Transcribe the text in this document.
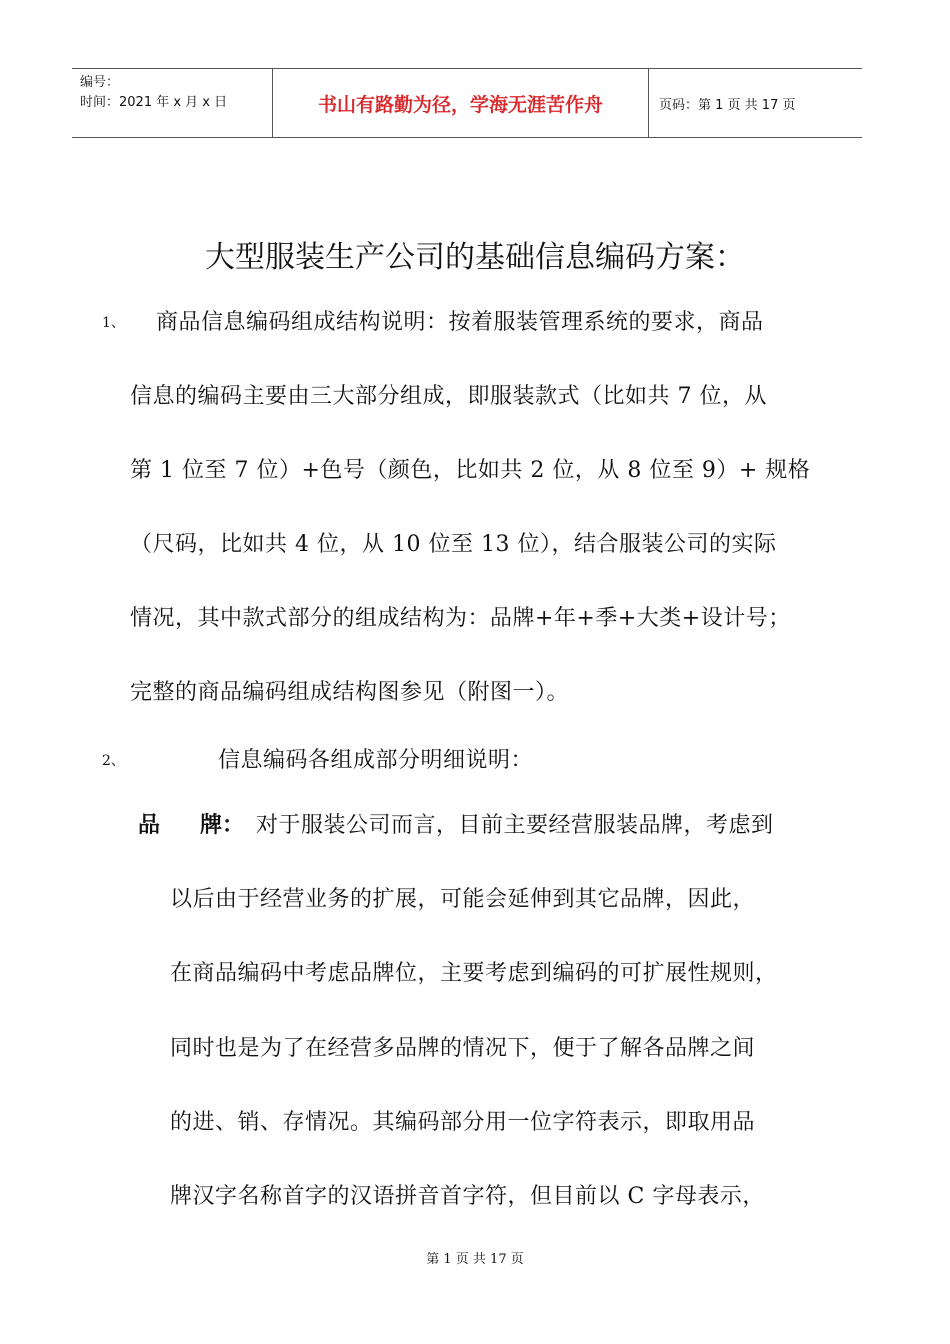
编号：
时间：2021 年 x 月 x 日	书山有路勤为径，学海无涯苦作舟	页码：第 1 页 共 17 页
大型服装生产公司的基础信息编码方案：
1、 商品信息编码组成结构说明：按着服装管理系统的要求，商品
信息的编码主要由三大部分组成，即服装款式（比如共 7 位，从
第 1 位至 7 位）+色号（颜色，比如共 2 位，从 8 位至 9）+ 规格
（尺码，比如共 4 位，从 10 位至 13 位），结合服装公司的实际
情况，其中款式部分的组成结构为：品牌+年+季+大类+设计号；
完整的商品编码组成结构图参见（附图一）。
2、	信息编码各组成部分明细说明：
品 牌： 对于服装公司而言，目前主要经营服装品牌，考虑到
以后由于经营业务的扩展，可能会延伸到其它品牌，因此，
在商品编码中考虑品牌位，主要考虑到编码的可扩展性规则，
同时也是为了在经营多品牌的情况下，便于了解各品牌之间
的进、销、存情况。其编码部分用一位字符表示，即取用品
牌汉字名称首字的汉语拼音首字符，但目前以 C 字母表示，
第 1 页 共 17 页
